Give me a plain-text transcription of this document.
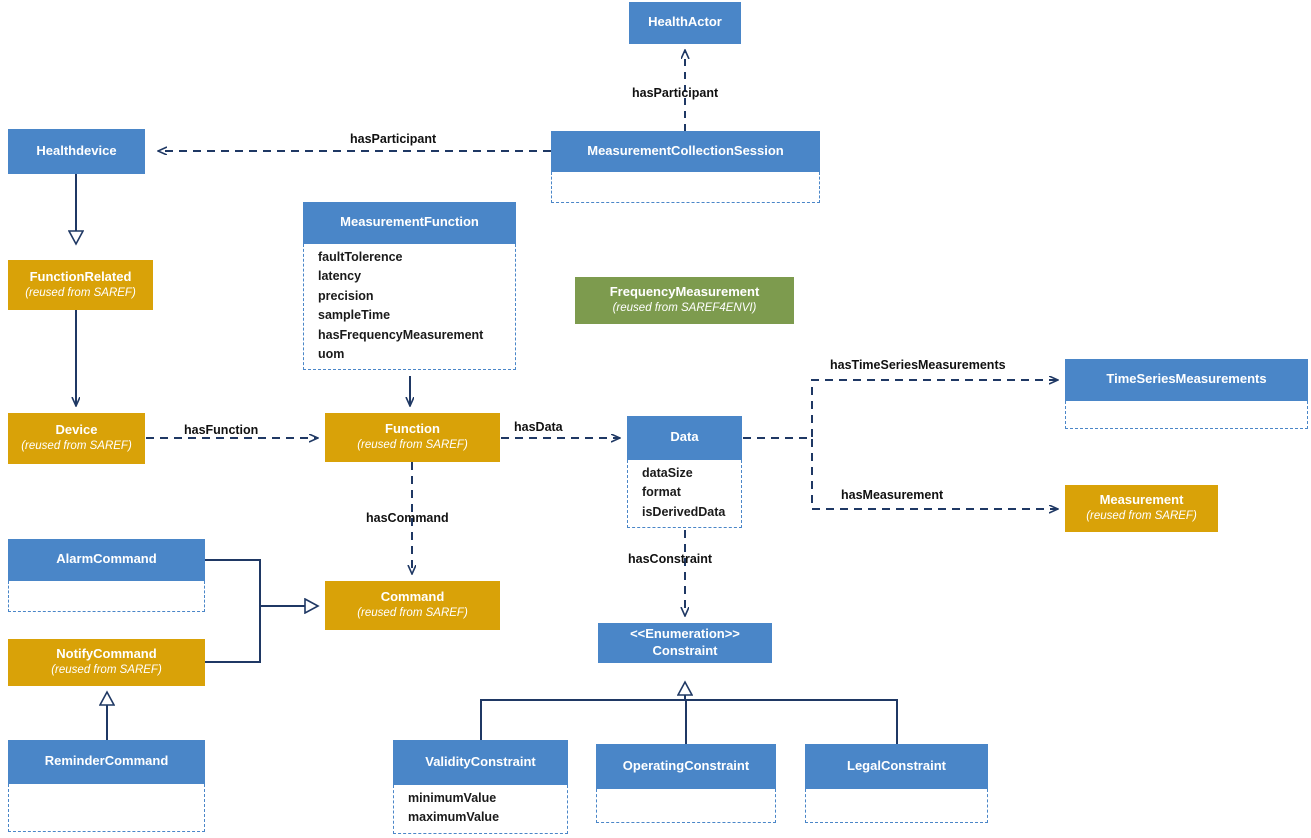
HealthActor
Healthdevice	MeasurementCollectionSession
MeasurementFunction
faultTolerence
latency
precision
sampleTime
hasFrequencyMeasurement
uom
FunctionRelated
(reused from SAREF)	FrequencyMeasurement
(reused from SAREF4ENVI)
TimeSeriesMeasurements
Device
(reused from SAREF)
Function
(reused from SAREF)
Data
dataSize
format
isDerivedData
Measurement
(reused from SAREF)
AlarmCommand
Command
(reused from SAREF)
<<Enumeration>>
Constraint
NotifyCommand
(reused from SAREF)
ReminderCommand	ValidityConstraint
minimumValue
maximumValue
OperatingConstraint	LegalConstraint
hasParticipant
hasParticipant
hasFunction	hasData
hasTimeSeriesMeasurements
hasMeasurement
hasCommand
hasConstraint
